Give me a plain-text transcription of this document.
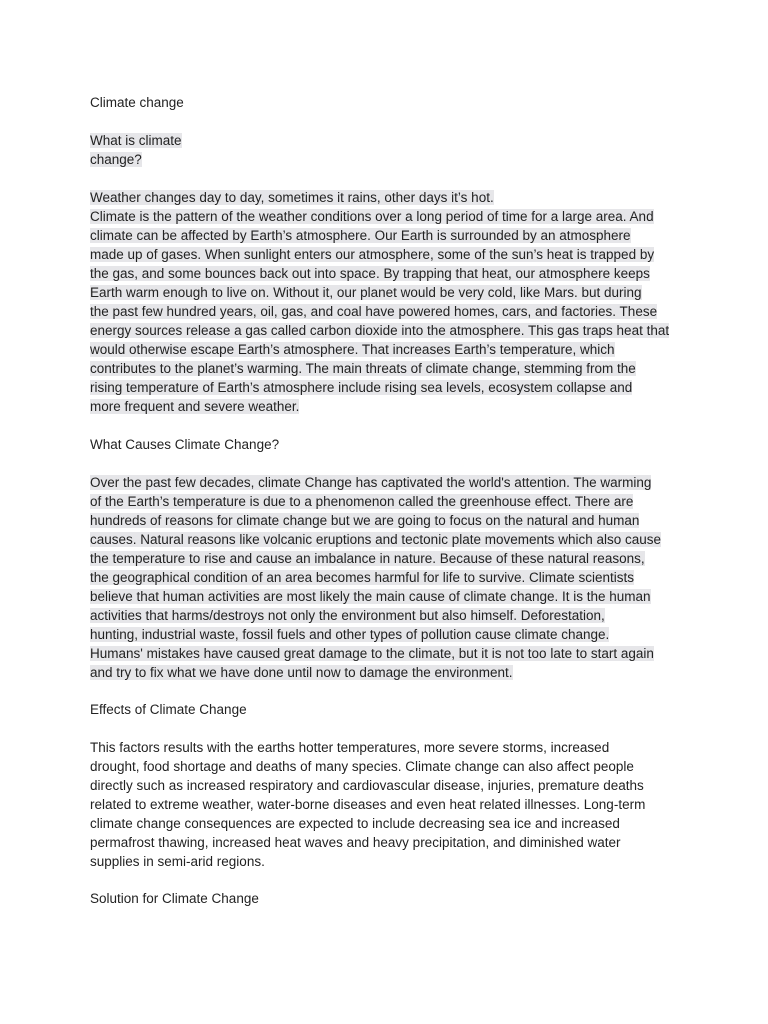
Climate change

What is climate
change?
Weather changes day to day, sometimes it rains, other days it’s hot.
Climate is the pattern of the weather conditions over a long period of time for a large area. And
climate can be affected by Earth’s atmosphere. Our Earth is surrounded by an atmosphere
made up of gases. When sunlight enters our atmosphere, some of the sun’s heat is trapped by
the gas, and some bounces back out into space. By trapping that heat, our atmosphere keeps
Earth warm enough to live on. Without it, our planet would be very cold, like Mars. but during
the past few hundred years, oil, gas, and coal have powered homes, cars, and factories. These
energy sources release a gas called carbon dioxide into the atmosphere. This gas traps heat that
would otherwise escape Earth’s atmosphere. That increases Earth’s temperature, which
contributes to the planet’s warming. The main threats of climate change, stemming from the
rising temperature of Earth’s atmosphere include rising sea levels, ecosystem collapse and
more frequent and severe weather.

What Causes Climate Change?

Over the past few decades, climate Change has captivated the world's attention. The warming
of the Earth’s temperature is due to a phenomenon called the greenhouse effect. There are
hundreds of reasons for climate change but we are going to focus on the natural and human
causes. Natural reasons like volcanic eruptions and tectonic plate movements which also cause
the temperature to rise and cause an imbalance in nature. Because of these natural reasons,
the geographical condition of an area becomes harmful for life to survive. Climate scientists
believe that human activities are most likely the main cause of climate change. It is the human
activities that harms/destroys not only the environment but also himself. Deforestation,
hunting, industrial waste, fossil fuels and other types of pollution cause climate change.
Humans' mistakes have caused great damage to the climate, but it is not too late to start again
and try to fix what we have done until now to damage the environment.

Effects of Climate Change

This factors results with the earths hotter temperatures, more severe storms, increased
drought, food shortage and deaths of many species. Climate change can also affect people
directly such as increased respiratory and cardiovascular disease, injuries, premature deaths
related to extreme weather, water-borne diseases and even heat related illnesses. Long-term
climate change consequences are expected to include decreasing sea ice and increased
permafrost thawing, increased heat waves and heavy precipitation, and diminished water
supplies in semi-arid regions.

Solution for Climate Change
